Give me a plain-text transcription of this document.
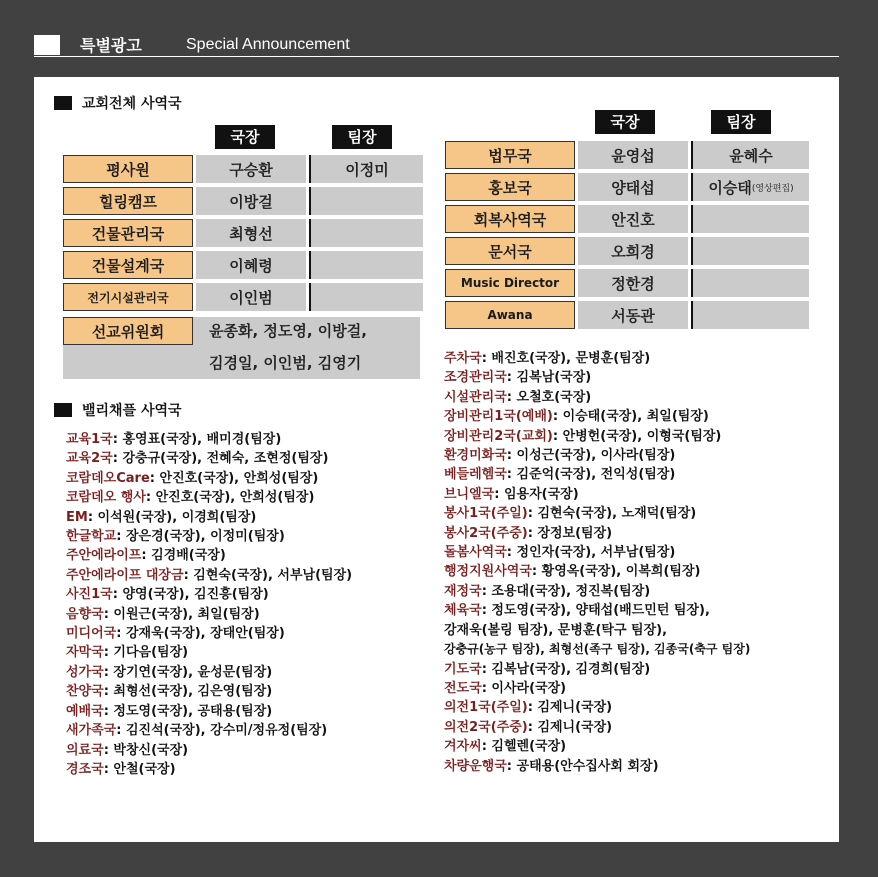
특별광고	Special Announcement
교회전체 사역국
국장	팀장
평사원	구승환	이정미
힐링캠프	이방걸
건물관리국	최형선
건물설계국	이혜령
전기시설관리국	이인범
선교위원회	윤종화, 정도영, 이방걸,
김경일, 이인범, 김영기
국장	팀장
법무국	윤영섭	윤혜수
홍보국	양태섭	이승태 (영상편집)
회복사역국	안진호
문서국	오희경
Music Director	정한경
Awana	서동관
밸리채플 사역국
교육1국: 홍영표(국장), 배미경(팀장)
교육2국: 강충규(국장), 전혜숙, 조현정(팀장)
코람데오Care: 안진호(국장), 안희성(팀장)
코람데오 행사: 안진호(국장), 안희성(팀장)
EM: 이석원(국장), 이경희(팀장)
한글학교: 장은경(국장), 이정미(팀장)
주안에라이프: 김경배(국장)
주안에라이프 대장금: 김현숙(국장), 서부남(팀장)
사진1국: 양영(국장), 김진흥(팀장)
음향국: 이원근(국장), 최일(팀장)
미디어국: 강재욱(국장), 장태안(팀장)
자막국: 기다음(팀장)
성가국: 장기연(국장), 윤성문(팀장)
찬양국: 최형선(국장), 김은영(팀장)
예배국: 정도영(국장), 공태용(팀장)
새가족국: 김진석(국장), 강수미/정유정(팀장)
의료국: 박창신(국장)
경조국: 안철(국장)
주차국: 배진호(국장), 문병훈(팀장)
조경관리국: 김복남(국장)
시설관리국: 오철호(국장)
장비관리1국(예배): 이승태(국장), 최일(팀장)
장비관리2국(교회): 안병헌(국장), 이형국(팀장)
환경미화국: 이성근(국장), 이사라(팀장)
베들레헴국: 김준억(국장), 전익성(팀장)
브니엘국: 임용자(국장)
봉사1국(주일): 김현숙(국장), 노재덕(팀장)
봉사2국(주중): 장정보(팀장)
돌봄사역국: 정인자(국장), 서부남(팀장)
행정지원사역국: 황영옥(국장), 이복희(팀장)
재정국: 조용대(국장), 정진복(팀장)
체육국: 정도영(국장), 양태섭(배드민턴 팀장),
강재욱(볼링 팀장), 문병훈(탁구 팀장),
강충규(농구 팀장), 최형선(족구 팀장), 김종국(축구 팀장)
기도국: 김복남(국장), 김경희(팀장)
전도국: 이사라(국장)
의전1국(주일): 김제니(국장)
의전2국(주중): 김제니(국장)
겨자씨: 김헬렌(국장)
차량운행국: 공태용(안수집사회 회장)
